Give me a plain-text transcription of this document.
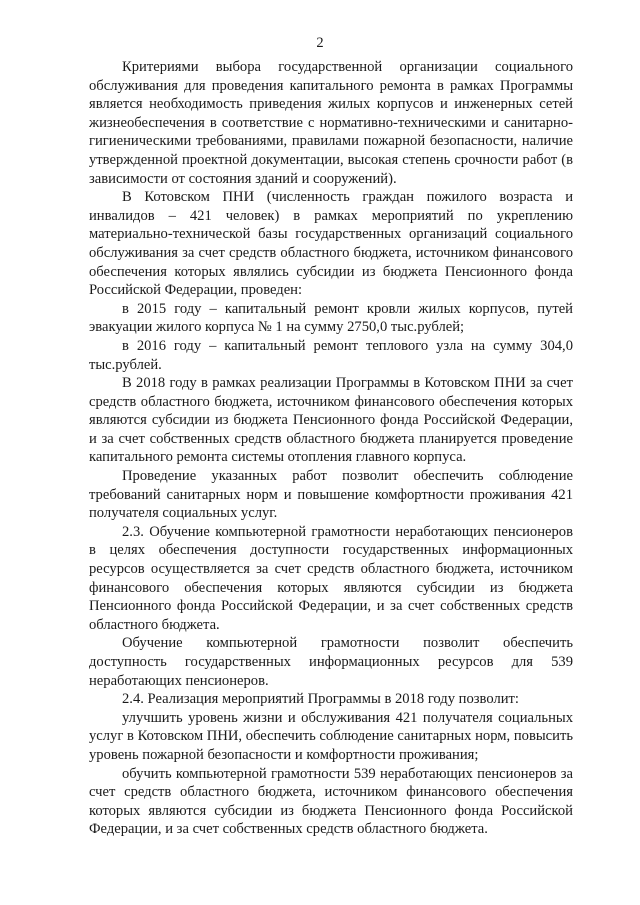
2

Критериями выбора государственной организации социального обслуживания для проведения капитального ремонта в рамках Программы является необходимость приведения жилых корпусов и инженерных сетей жизнеобеспечения в соответствие с нормативно-техническими и санитарно-гигиеническими требованиями, правилами пожарной безопасности, наличие утвержденной проектной документации, высокая степень срочности работ (в зависимости от состояния зданий и сооружений).

В Котовском ПНИ (численность граждан пожилого возраста и инвалидов – 421 человек) в рамках мероприятий по укреплению материально-технической базы государственных организаций социального обслуживания за счет средств областного бюджета, источником финансового обеспечения которых являлись субсидии из бюджета Пенсионного фонда Российской Федерации, проведен:

в 2015 году – капитальный ремонт кровли жилых корпусов, путей эвакуации жилого корпуса № 1 на сумму 2750,0 тыс.рублей;

в 2016 году – капитальный ремонт теплового узла на сумму 304,0 тыс.рублей.

В 2018 году в рамках реализации Программы в Котовском ПНИ за счет средств областного бюджета, источником финансового обеспечения которых являются субсидии из бюджета Пенсионного фонда Российской Федерации, и за счет собственных средств областного бюджета планируется проведение капитального ремонта системы отопления главного корпуса.

Проведение указанных работ позволит обеспечить соблюдение требований санитарных норм и повышение комфортности проживания 421 получателя социальных услуг.

2.3. Обучение компьютерной грамотности неработающих пенсионеров в целях обеспечения доступности государственных информационных ресурсов осуществляется за счет средств областного бюджета, источником финансового обеспечения которых являются субсидии из бюджета Пенсионного фонда Российской Федерации, и за счет собственных средств областного бюджета.

Обучение компьютерной грамотности позволит обеспечить доступность государственных информационных ресурсов для 539 неработающих пенсионеров.

2.4. Реализация мероприятий Программы в 2018 году позволит:

улучшить уровень жизни и обслуживания 421 получателя социальных услуг в Котовском ПНИ, обеспечить соблюдение санитарных норм, повысить уровень пожарной безопасности и комфортности проживания;

обучить компьютерной грамотности 539 неработающих пенсионеров за счет средств областного бюджета, источником финансового обеспечения которых являются субсидии из бюджета Пенсионного фонда Российской Федерации, и за счет собственных средств областного бюджета.
